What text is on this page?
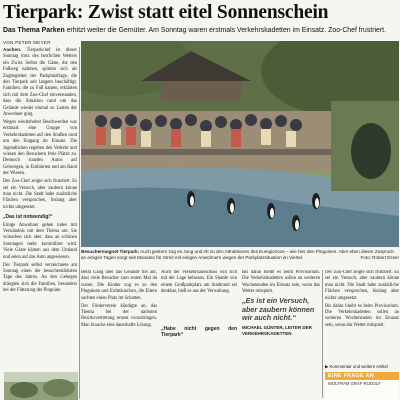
Tierpark: Zwist statt eitel Sonnenschein
Das Thema Parken erhitzt weiter die Gemüter. Am Sonntag waren erstmals Verkehrskadetten im Einsatz. Zoo-Chef frustriert.
VON PETER MEYER

Aachen. Tierparkchef ist dieser Sonntag trotz des herrlichen Wetters ein Zwist. Selbst die Gäste, die den Fußweg nahmen, spürten sich als Zugbegleiter der Parkplatzfrage, die den Tierpark seit langem beschäftigt. Familien, die zu Fuß kamen, erklärten sich mit dem Zoo-Chef einverstanden, dass die Situation rund um das Gelände wieder einmal zu Lasten der Anwohner ging.

Wegen wiederholter Beschwerden war erstmals eine Gruppe von Verkehrskadetten auf den Straßen rund um den Eingang im Einsatz. Die Jugendlichen regelten den Verkehr und wiesen den Besuchern freie Plätze zu. Dennoch standen Autos auf Gehwegen, in Einfahrten und am Rand der Wiesen.

Der Zoo-Chef zeigte sich frustriert. Es sei ein Versuch, aber zaubern könne man nicht. Die Stadt habe zusätzliche Flächen versprochen, bislang aber nichts umgesetzt.

„Das ist notwendig!“

Einige Anwohner gehen indes mit Verständnis mit dem Thema um. Sie wünschen sich aber, dass an schönen Sonntagen mehr kontrolliert wird. Viele Gäste kämen aus dem Umland und seien auf das Auto angewiesen.

Der Tierpark selbst verzeichnete am Sonntag einen der besucherstärksten Tage des Jahres. An den Gehegen drängten sich die Familien, besonders bei der Fütterung der Pinguine.

Besuchermagnet Tierpark: Auch gestern zog es Jung und Alt zu den Attraktionen des Euregiozoos – wie hier den Pinguinen. Aber eben dieser Zuspruch an einigen Tagen sorgt seit Monaten für Streit mit einigen Anwohnern wegen der Parkplatzsituation im Viertel.	Foto: Robert Esser

Beim Gang über das Gelände fiel auf, dass viele Besucher zum ersten Mal da waren. Die Kinder zog es zu den Pinguinen und Erdmännchen, die Eltern suchten einen Platz im Schatten.

Der Förderverein kündigte an, das Thema bei der nächsten Bezirksvertretung erneut vorzubringen. Man brauche eine dauerhafte Lösung.

Auch der Verkehrsausschuss will sich mit der Lage befassen. Ein Shuttle von einem Großparkplatz am Stadtrand sei denkbar, hieß es aus der Verwaltung.

„Habe nicht gegen den Tierpark“

Bis dahin bleibt es beim Provisorium. Die Verkehrskadetten sollen an weiteren Wochenenden im Einsatz sein, wenn das Wetter mitspielt.

„Es ist ein Versuch, aber zaubern können wir auch nicht.“
MICHAEL GÜNTER, LEITER DER VERKEHRSKADETTEN

Der Zoo-Chef zeigte sich frustriert. Es sei ein Versuch, aber zaubern könne man nicht. Die Stadt habe zusätzliche Flächen versprochen, bislang aber nichts umgesetzt.

Bis dahin bleibt es beim Provisorium. Die Verkehrskadetten sollen an weiteren Wochenenden im Einsatz sein, wenn das Wetter mitspielt.

▶ Kommentar und weitere Artikel
EINE FRAGE AN
WOLFRAM GRAF-RUDOLF
